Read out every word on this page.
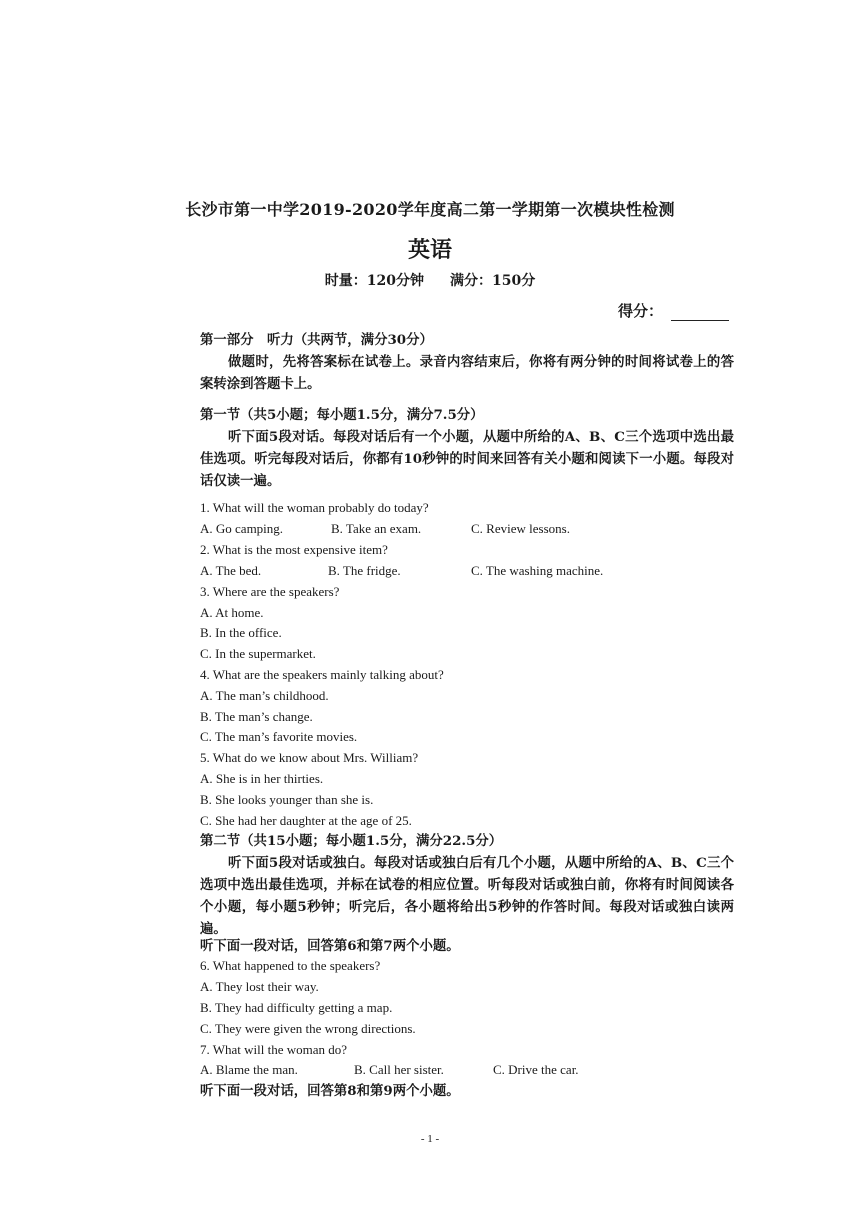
长沙市第一中学2019-2020学年度高二第一学期第一次模块性检测
英语
时量：120分钟 满分：150分
得分：
第一部分　听力（共两节，满分30分）
做题时，先将答案标在试卷上。录音内容结束后，你将有两分钟的时间将试卷上的答案转涂到答题卡上。
第一节（共5小题；每小题1.5分，满分7.5分）
听下面5段对话。每段对话后有一个小题，从题中所给的A、B、C三个选项中选出最佳选项。听完每段对话后，你都有10秒钟的时间来回答有关小题和阅读下一小题。每段对话仅读一遍。
1. What will the woman probably do today?
A. Go camping.	B. Take an exam.	C. Review lessons.
2. What is the most expensive item?
A. The bed.	B. The fridge.	C. The washing machine.
3. Where are the speakers?
A. At home.
B. In the office.
C. In the supermarket.
4. What are the speakers mainly talking about?
A. The man’s childhood.
B. The man’s change.
C. The man’s favorite movies.
5. What do we know about Mrs. William?
A. She is in her thirties.
B. She looks younger than she is.
C. She had her daughter at the age of 25.
第二节（共15小题；每小题1.5分，满分22.5分）
听下面5段对话或独白。每段对话或独白后有几个小题，从题中所给的A、B、C三个选项中选出最佳选项，并标在试卷的相应位置。听每段对话或独白前，你将有时间阅读各个小题，每小题5秒钟；听完后，各小题将给出5秒钟的作答时间。每段对话或独白读两遍。
听下面一段对话，回答第6和第7两个小题。
6. What happened to the speakers?
A. They lost their way.
B. They had difficulty getting a map.
C. They were given the wrong directions.
7. What will the woman do?
A. Blame the man.	B. Call her sister.	C. Drive the car.
听下面一段对话，回答第8和第9两个小题。
- 1 -
